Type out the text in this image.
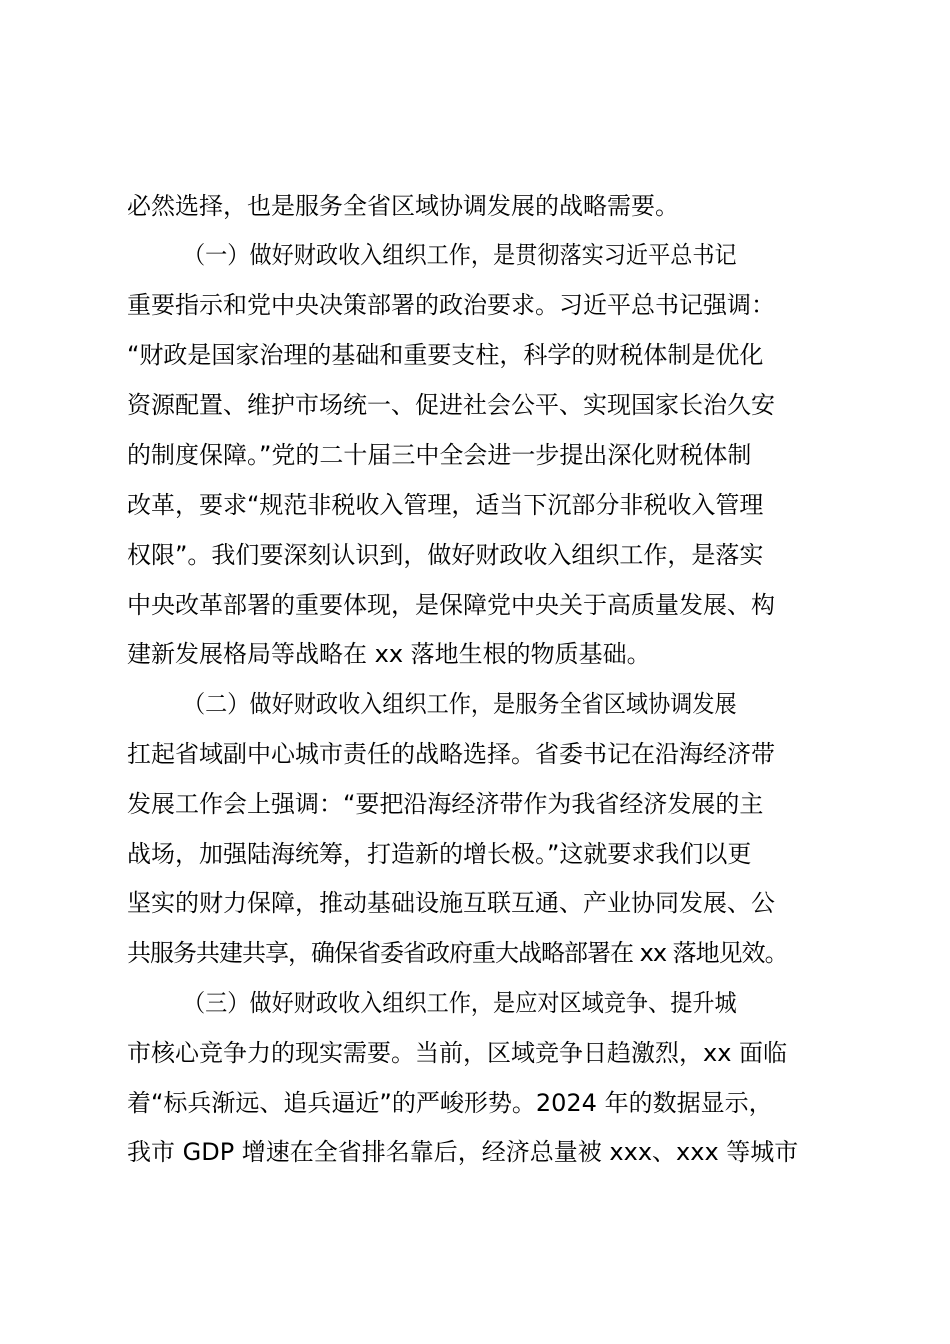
必然选择，也是服务全省区域协调发展的战略需要。
（一）做好财政收入组织工作，是贯彻落实习近平总书记
重要指示和党中央决策部署的政治要求。习近平总书记强调：
“财政是国家治理的基础和重要支柱，科学的财税体制是优化
资源配置、维护市场统一、促进社会公平、实现国家长治久安
的制度保障。”党的二十届三中全会进一步提出深化财税体制
改革，要求“规范非税收入管理，适当下沉部分非税收入管理
权限”。我们要深刻认识到，做好财政收入组织工作，是落实
中央改革部署的重要体现，是保障党中央关于高质量发展、构
建新发展格局等战略在 xx 落地生根的物质基础。
（二）做好财政收入组织工作，是服务全省区域协调发展
扛起省域副中心城市责任的战略选择。省委书记在沿海经济带
发展工作会上强调：“要把沿海经济带作为我省经济发展的主
战场，加强陆海统筹，打造新的增长极。”这就要求我们以更
坚实的财力保障，推动基础设施互联互通、产业协同发展、公
共服务共建共享，确保省委省政府重大战略部署在 xx 落地见效。
（三）做好财政收入组织工作，是应对区域竞争、提升城
市核心竞争力的现实需要。当前，区域竞争日趋激烈，xx 面临
着“标兵渐远、追兵逼近”的严峻形势。2024 年的数据显示，
我市 GDP 增速在全省排名靠后，经济总量被 xxx、xxx 等城市
